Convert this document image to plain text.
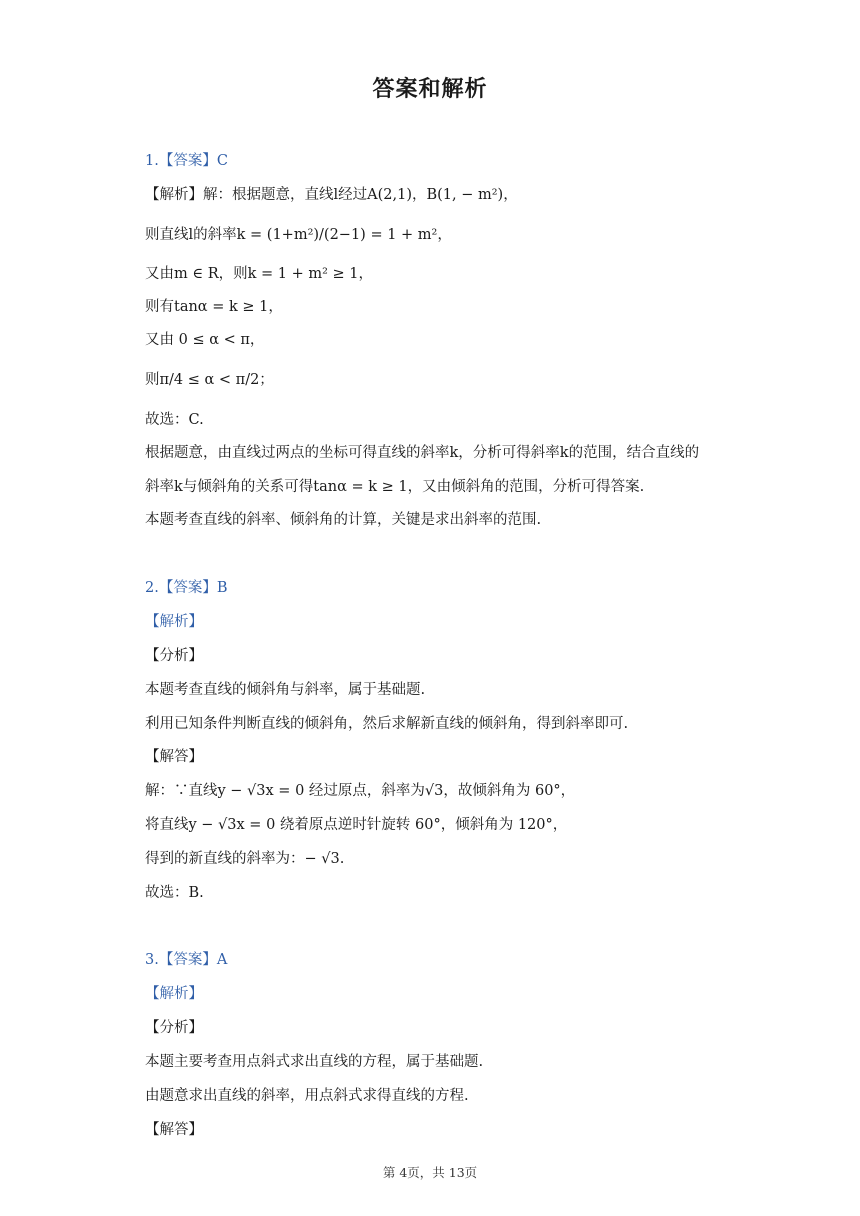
答案和解析
1.【答案】C
【解析】解：根据题意，直线l经过A(2,1)，B(1, − m²)，
则直线l的斜率k = (1+m²)/(2−1) = 1 + m²，
又由m ∈ R，则k = 1 + m² ≥ 1，
则有tanα = k ≥ 1，
又由 0 ≤ α < π，
则π/4 ≤ α < π/2；
故选：C.
根据题意，由直线过两点的坐标可得直线的斜率k，分析可得斜率k的范围，结合直线的
斜率k与倾斜角的关系可得tanα = k ≥ 1，又由倾斜角的范围，分析可得答案.
本题考查直线的斜率、倾斜角的计算，关键是求出斜率的范围.
2.【答案】B
【解析】
【分析】
本题考查直线的倾斜角与斜率，属于基础题.
利用已知条件判断直线的倾斜角，然后求解新直线的倾斜角，得到斜率即可.
【解答】
解：∵直线y − √3x = 0 经过原点，斜率为√3，故倾斜角为 60°，
将直线y − √3x = 0 绕着原点逆时针旋转 60°，倾斜角为 120°，
得到的新直线的斜率为：− √3.
故选：B.
3.【答案】A
【解析】
【分析】
本题主要考查用点斜式求出直线的方程，属于基础题.
由题意求出直线的斜率，用点斜式求得直线的方程.
【解答】
第 4页，共 13页
